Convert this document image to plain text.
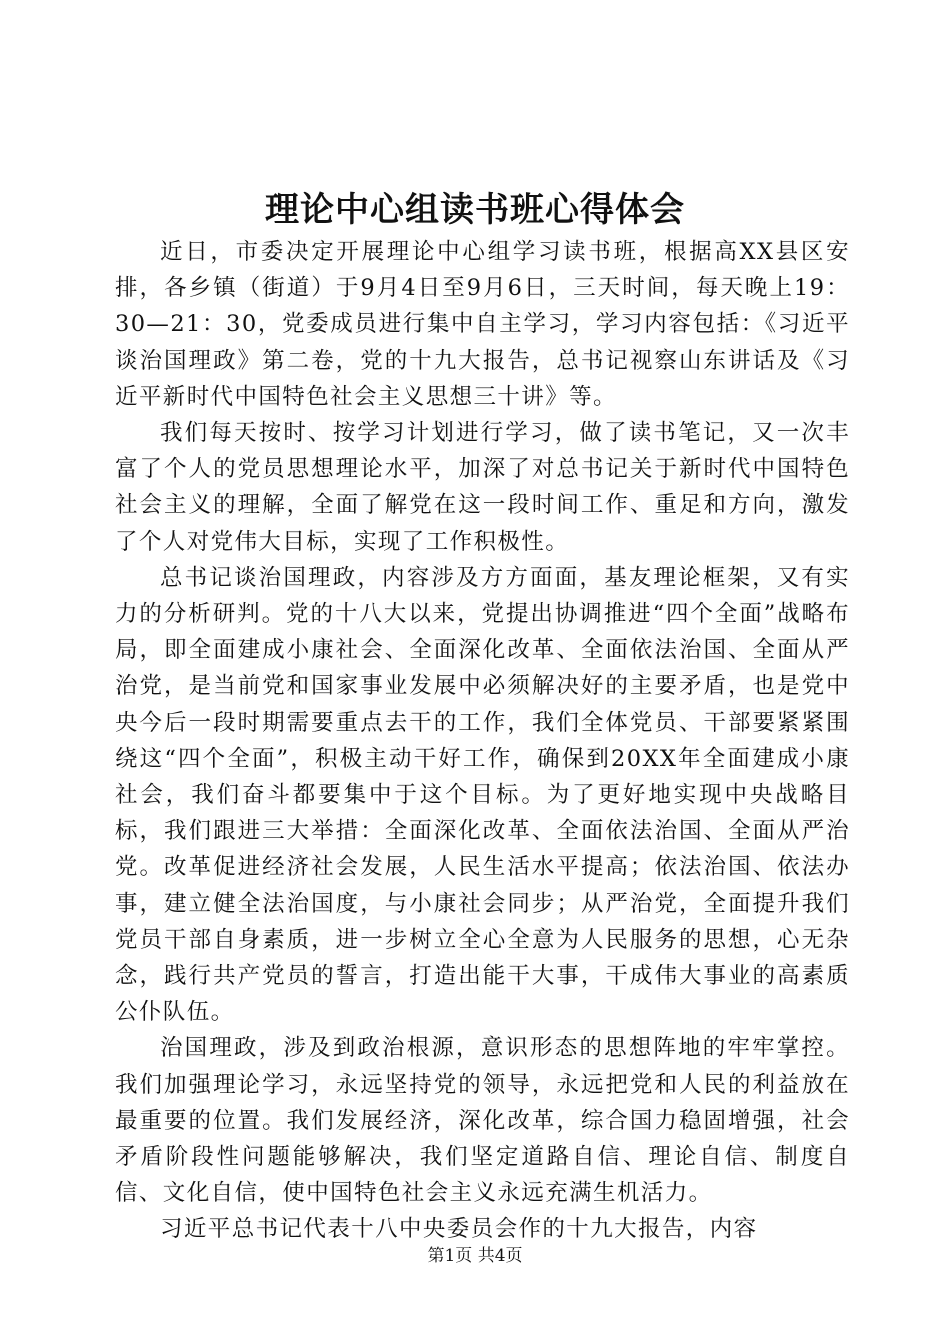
理论中心组读书班心得体会

近日，市委决定开展理论中心组学习读书班，根据高XX县区安排，各乡镇（街道）于9月4日至9月6日，三天时间，每天晚上19：30—21：30，党委成员进行集中自主学习，学习内容包括：《习近平谈治国理政》第二卷，党的十九大报告，总书记视察山东讲话及《习近平新时代中国特色社会主义思想三十讲》等。

我们每天按时、按学习计划进行学习，做了读书笔记，又一次丰富了个人的党员思想理论水平，加深了对总书记关于新时代中国特色社会主义的理解，全面了解党在这一段时间工作、重足和方向，激发了个人对党伟大目标，实现了工作积极性。

总书记谈治国理政，内容涉及方方面面，基友理论框架，又有实力的分析研判。党的十八大以来，党提出协调推进“四个全面”战略布局，即全面建成小康社会、全面深化改革、全面依法治国、全面从严治党，是当前党和国家事业发展中必须解决好的主要矛盾，也是党中央今后一段时期需要重点去干的工作，我们全体党员、干部要紧紧围绕这“四个全面”，积极主动干好工作，确保到20XX年全面建成小康社会，我们奋斗都要集中于这个目标。为了更好地实现中央战略目标，我们跟进三大举措：全面深化改革、全面依法治国、全面从严治党。改革促进经济社会发展，人民生活水平提高；依法治国、依法办事，建立健全法治国度，与小康社会同步；从严治党，全面提升我们党员干部自身素质，进一步树立全心全意为人民服务的思想，心无杂念，践行共产党员的誓言，打造出能干大事，干成伟大事业的高素质公仆队伍。

治国理政，涉及到政治根源，意识形态的思想阵地的牢牢掌控。我们加强理论学习，永远坚持党的领导，永远把党和人民的利益放在最重要的位置。我们发展经济，深化改革，综合国力稳固增强，社会矛盾阶段性问题能够解决，我们坚定道路自信、理论自信、制度自信、文化自信，使中国特色社会主义永远充满生机活力。

习近平总书记代表十八中央委员会作的十九大报告，内容

第1页 共4页
